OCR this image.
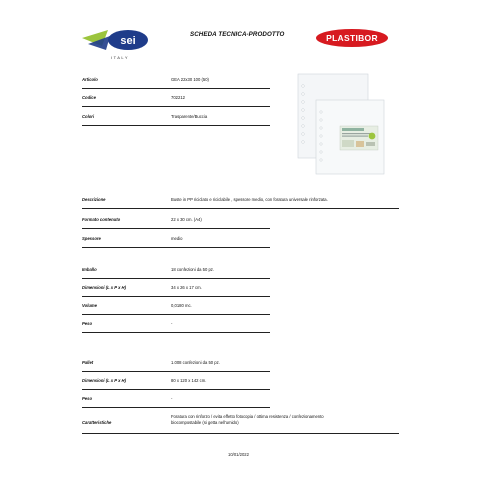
sei
ITALY
SCHEDA TECNICA-PRODOTTO	PLASTIBOR
Articolo	GEA 22x30 100 (50)
Codice	702212
Colori	Trasparente/Buccia
Descrizione	Buste in PP riciclato e riciclabile , spessore medio, con foratura universale rinforzata.
Formato contenuto	22 x 30 cm. (A4)
Spessore	medio
Imballo	18 confezioni da 50 pz.
Dimensioni (L x P x H)	34 x 26 x 17 cm.
Volume	0,0180 mc.
Peso	-
Pallet	1.008 confezioni da 50 pz.
Dimensioni (L x P x H)	80 x 120 x 142 cm.
Peso	-
Caratteristiche
Foratura con rinforzo / evita effetto fotocopia / ottima resistenza / confezionamento
biocompostabile (si getta nell'umido)
10/01/2022
